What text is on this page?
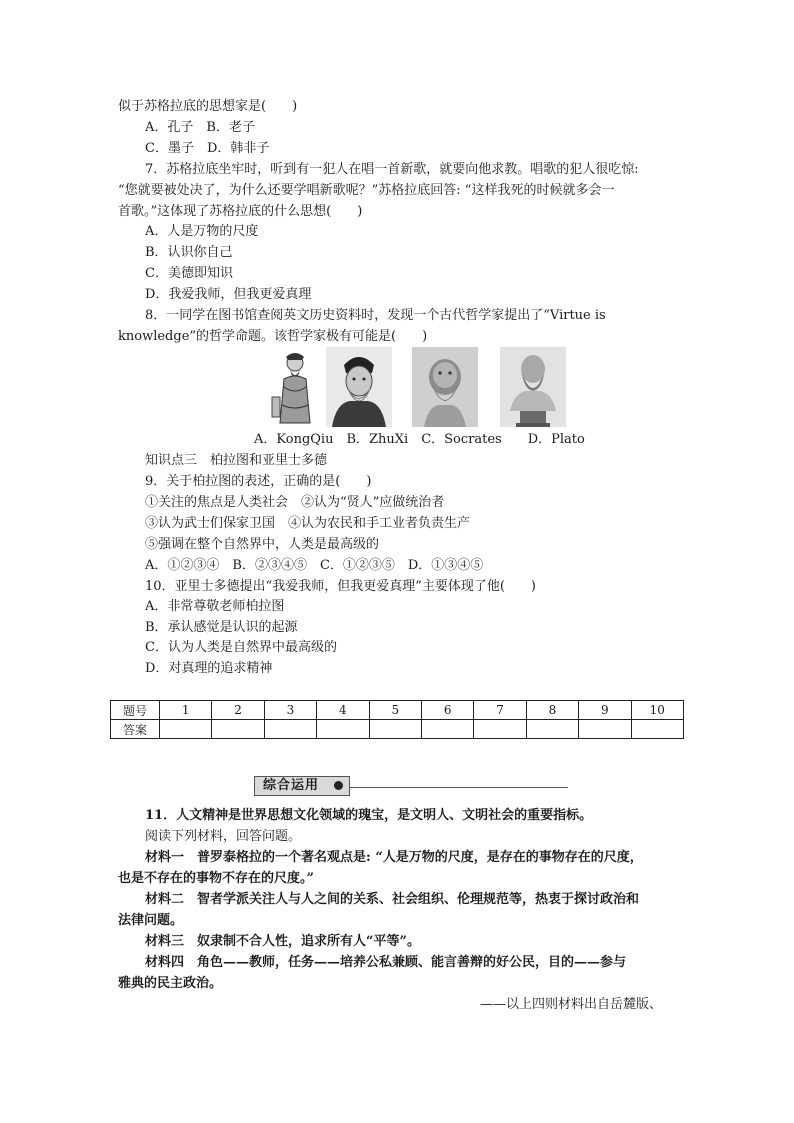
似于苏格拉底的思想家是(　　)
A．孔子　B．老子
C．墨子　D．韩非子
7．苏格拉底坐牢时，听到有一犯人在唱一首新歌，就要向他求教。唱歌的犯人很吃惊:
“您就要被处决了，为什么还要学唱新歌呢？”苏格拉底回答: “这样我死的时候就多会一
首歌。”这体现了苏格拉底的什么思想(　　)
A．人是万物的尺度
B．认识你自己
C．美德即知识
D．我爱我师，但我更爱真理
8．一同学在图书馆查阅英文历史资料时，发现一个古代哲学家提出了“Virtue is
knowledge”的哲学命题。该哲学家极有可能是(　　)
A．KongQiu　B．ZhuXi　C．Socrates　　D．Plato
知识点三　柏拉图和亚里士多德
9．关于柏拉图的表述，正确的是(　　)
①关注的焦点是人类社会　②认为“贤人”应做统治者
③认为武士们保家卫国　④认为农民和手工业者负责生产
⑤强调在整个自然界中，人类是最高级的
A．①②③④　B．②③④⑤　C．①②③⑤　D．①③④⑤
10．亚里士多德提出“我爱我师，但我更爱真理”主要体现了他(　　)
A．非常尊敬老师柏拉图
B．承认感觉是认识的起源
C．认为人类是自然界中最高级的
D．对真理的追求精神
题号	1	2	3	4	5	6	7	8	9	10
答案										
综合运用
11．人文精神是世界思想文化领域的瑰宝，是文明人、文明社会的重要指标。
阅读下列材料，回答问题。
材料一　普罗泰格拉的一个著名观点是: “人是万物的尺度，是存在的事物存在的尺度，
也是不存在的事物不存在的尺度。”
材料二　智者学派关注人与人之间的关系、社会组织、伦理规范等，热衷于探讨政治和
法律问题。
材料三　奴隶制不合人性，追求所有人“平等”。
材料四　角色——教师，任务——培养公私兼顾、能言善辩的好公民，目的——参与
雅典的民主政治。
——以上四则材料出自岳麓版、
